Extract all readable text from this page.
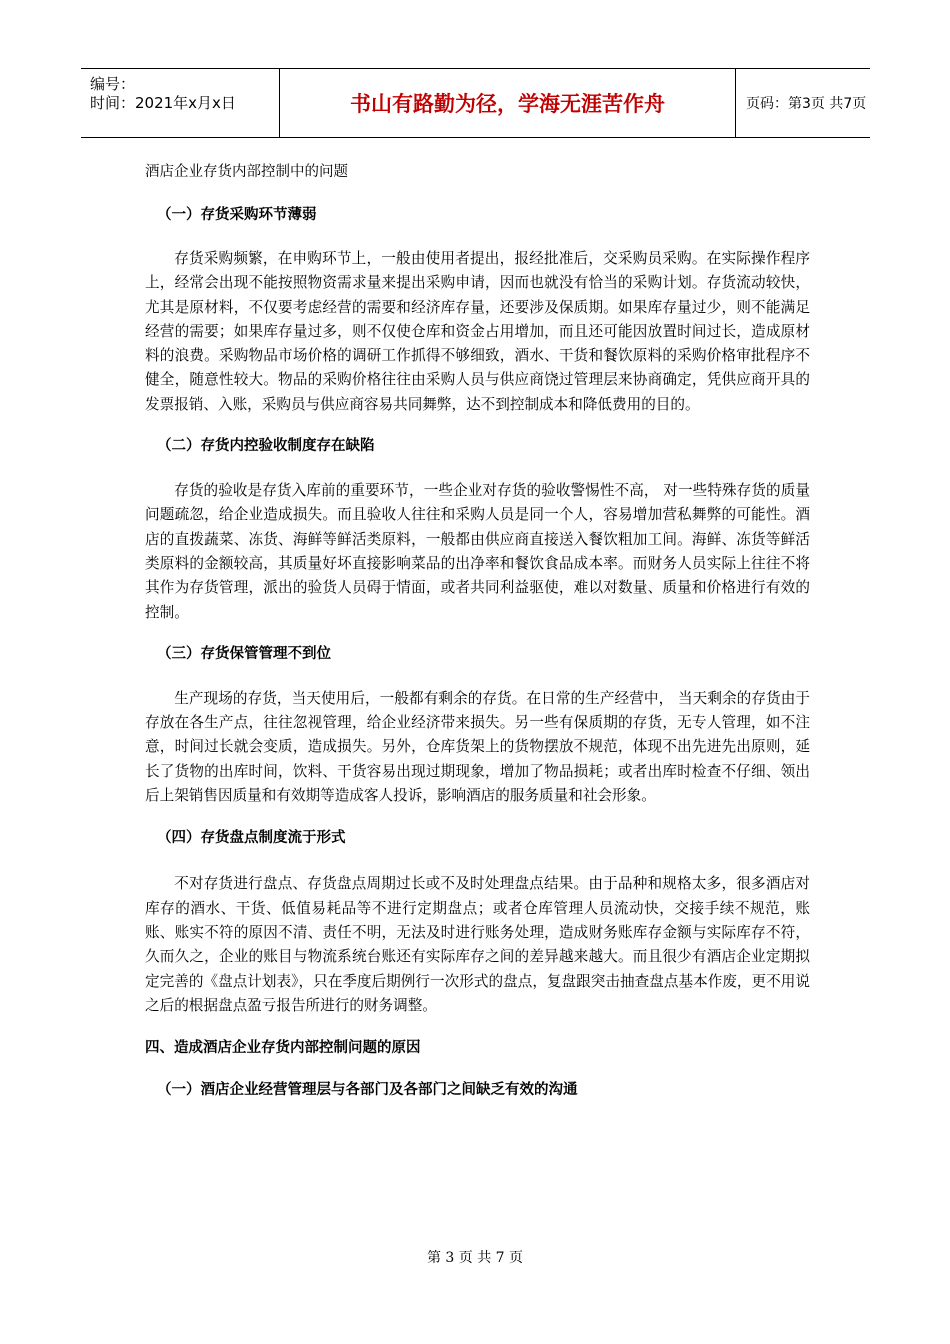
编号：
时间：2021年x月x日	书山有路勤为径，学海无涯苦作舟	页码：第3页 共7页

酒店企业存货内部控制中的问题

（一）存货采购环节薄弱

存货采购频繁，在申购环节上，一般由使用者提出，报经批准后，交采购员采购。在实际操作程序上，经常会出现不能按照物资需求量来提出采购申请，因而也就没有恰当的采购计划。存货流动较快，尤其是原材料，不仅要考虑经营的需要和经济库存量，还要涉及保质期。如果库存量过少，则不能满足经营的需要；如果库存量过多，则不仅使仓库和资金占用增加，而且还可能因放置时间过长，造成原材料的浪费。采购物品市场价格的调研工作抓得不够细致，酒水、干货和餐饮原料的采购价格审批程序不健全，随意性较大。物品的采购价格往往由采购人员与供应商饶过管理层来协商确定，凭供应商开具的发票报销、入账，采购员与供应商容易共同舞弊，达不到控制成本和降低费用的目的。

（二）存货内控验收制度存在缺陷

存货的验收是存货入库前的重要环节，一些企业对存货的验收警惕性不高， 对一些特殊存货的质量问题疏忽，给企业造成损失。而且验收人往往和采购人员是同一个人，容易增加营私舞弊的可能性。酒店的直拨蔬菜、冻货、海鲜等鲜活类原料，一般都由供应商直接送入餐饮粗加工间。海鲜、冻货等鲜活类原料的金额较高，其质量好坏直接影响菜品的出净率和餐饮食品成本率。而财务人员实际上往往不将其作为存货管理，派出的验货人员碍于情面，或者共同利益驱使，难以对数量、质量和价格进行有效的控制。

（三）存货保管管理不到位

生产现场的存货，当天使用后，一般都有剩余的存货。在日常的生产经营中， 当天剩余的存货由于存放在各生产点，往往忽视管理，给企业经济带来损失。另一些有保质期的存货，无专人管理，如不注意，时间过长就会变质，造成损失。另外，仓库货架上的货物摆放不规范，体现不出先进先出原则，延长了货物的出库时间，饮料、干货容易出现过期现象，增加了物品损耗；或者出库时检查不仔细、领出后上架销售因质量和有效期等造成客人投诉，影响酒店的服务质量和社会形象。

（四）存货盘点制度流于形式

不对存货进行盘点、存货盘点周期过长或不及时处理盘点结果。由于品种和规格太多，很多酒店对库存的酒水、干货、低值易耗品等不进行定期盘点；或者仓库管理人员流动快，交接手续不规范，账账、账实不符的原因不清、责任不明，无法及时进行账务处理，造成财务账库存金额与实际库存不符，久而久之，企业的账目与物流系统台账还有实际库存之间的差异越来越大。而且很少有酒店企业定期拟定完善的《盘点计划表》，只在季度后期例行一次形式的盘点，复盘跟突击抽查盘点基本作废，更不用说之后的根据盘点盈亏报告所进行的财务调整。

四、造成酒店企业存货内部控制问题的原因

（一）酒店企业经营管理层与各部门及各部门之间缺乏有效的沟通

第 3 页 共 7 页
